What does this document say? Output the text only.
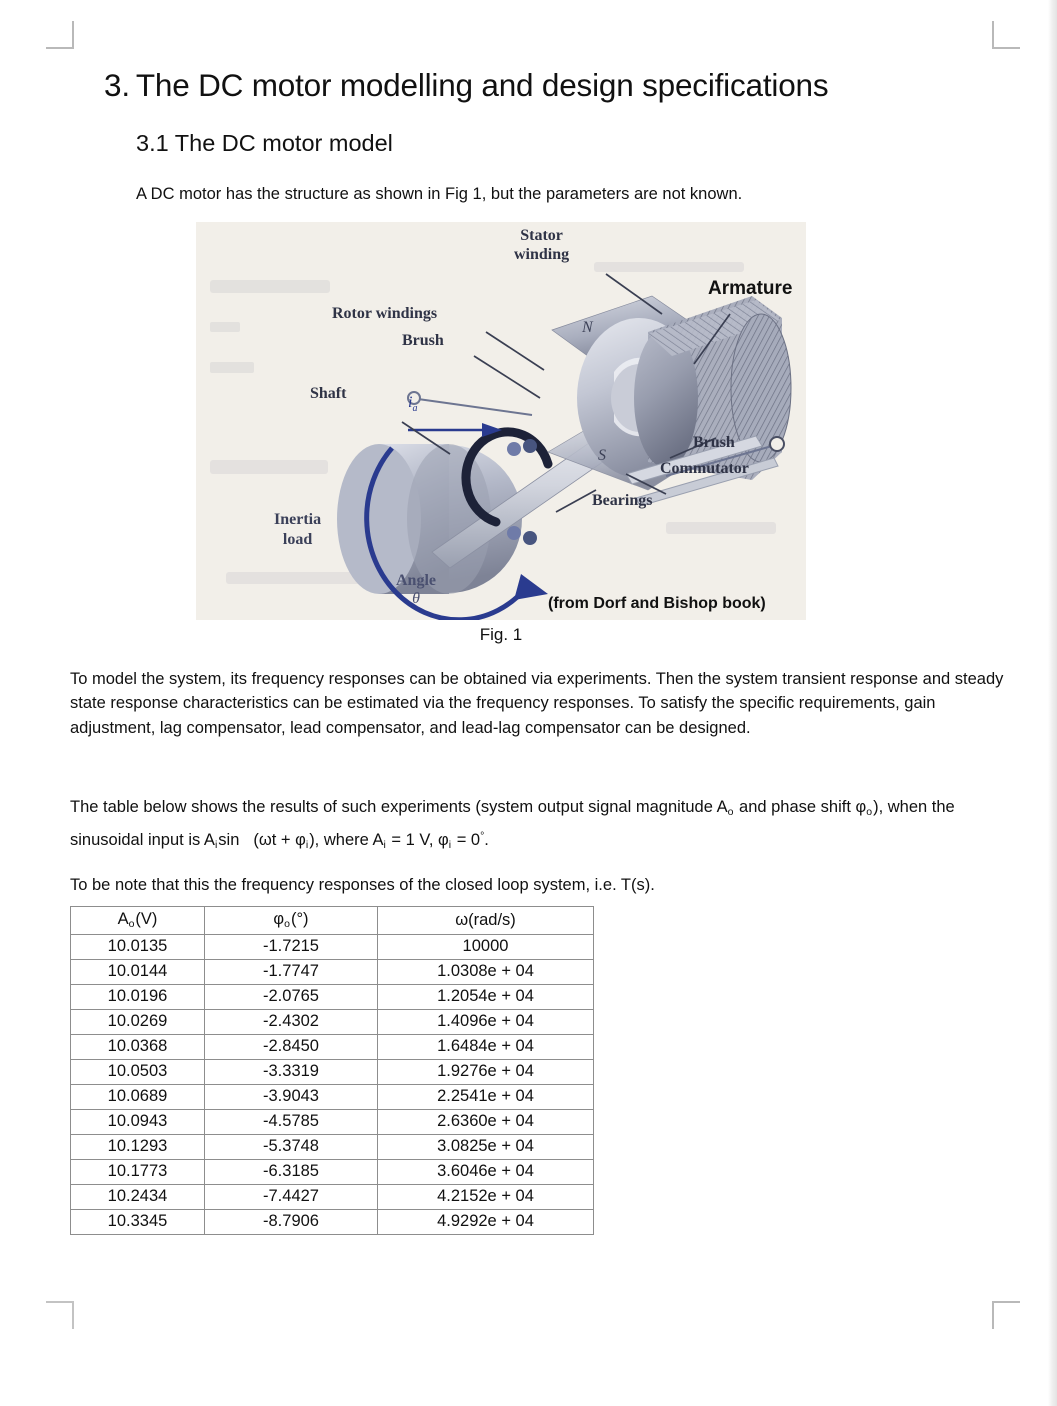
3. The DC motor modelling and design specifications
3.1 The DC motor model

A DC motor has the structure as shown in Fig 1, but the parameters are not known.

N
S
Stator
winding
Rotor windings
Brush
Shaft
$i_a$
Armature
Brush
Commutator
Bearings
Inertia
load
Angle
θ	(from Dorf and Bishop book)
Fig. 1

To model the system, its frequency responses can be obtained via experiments. Then the system transient response and steady state response characteristics can be estimated via the frequency responses. To satisfy the specific requirements, gain adjustment, lag compensator, lead compensator, and lead-lag compensator can be designed.

The table below shows the results of such experiments (system output signal magnitude $A_o$ and phase shift $\varphi_o$), when the sinusoidal input is $A_i\sin$ $(\omega t + \varphi_i)$, where $A_i = 1$ V, $\varphi_i = 0^\circ$.

To be note that this the frequency responses of the closed loop system, i.e. T(s).

$A_o(V)$	$\varphi_o(^\circ)$	ω(rad/s)
10.0135	-1.7215	10000
10.0144	-1.7747	1.0308e + 04
10.0196	-2.0765	1.2054e + 04
10.0269	-2.4302	1.4096e + 04
10.0368	-2.8450	1.6484e + 04
10.0503	-3.3319	1.9276e + 04
10.0689	-3.9043	2.2541e + 04
10.0943	-4.5785	2.6360e + 04
10.1293	-5.3748	3.0825e + 04
10.1773	-6.3185	3.6046e + 04
10.2434	-7.4427	4.2152e + 04
10.3345	-8.7906	4.9292e + 04
